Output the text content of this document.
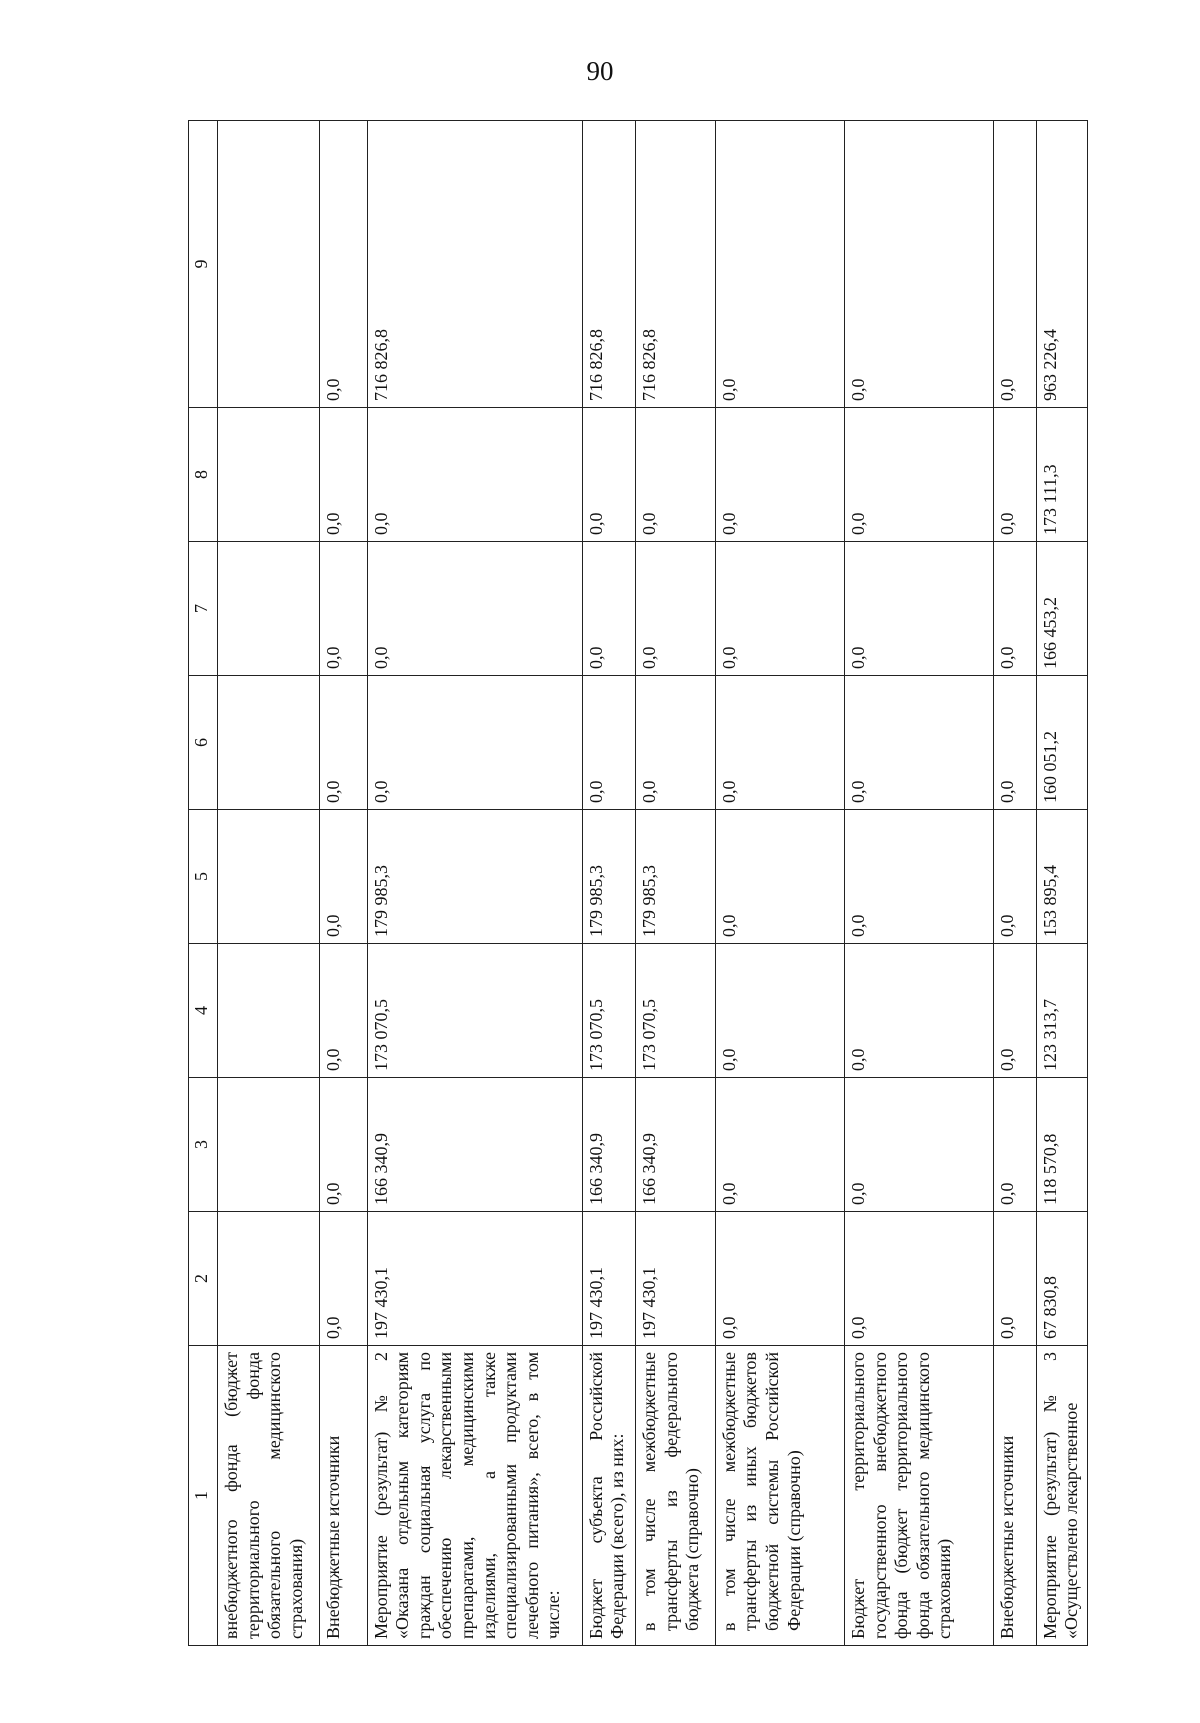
90
1	2	3	4	5	6	7	8	9
внебюджетного фонда (бюджет территориального фонда обязательного медицинского страхования)								
Внебюджетные источники	0,0	0,0	0,0	0,0	0,0	0,0	0,0	0,0
Мероприятие (результат) № 2 «Оказана отдельным категориям граждан социальная услуга по обеспечению лекарственными препаратами, медицинскими изделиями, а также специализированными продуктами лечебного питания», всего, в том числе:	197 430,1	166 340,9	173 070,5	179 985,3	0,0	0,0	0,0	716 826,8
Бюджет субъекта Российской Федерации (всего), из них:	197 430,1	166 340,9	173 070,5	179 985,3	0,0	0,0	0,0	716 826,8
в том числе межбюджетные трансферты из федерального бюджета (справочно)	197 430,1	166 340,9	173 070,5	179 985,3	0,0	0,0	0,0	716 826,8
в том числе межбюджетные трансферты из иных бюджетов бюджетной системы Российской Федерации (справочно)	0,0	0,0	0,0	0,0	0,0	0,0	0,0	0,0
Бюджет территориального государственного внебюджетного фонда (бюджет территориального фонда обязательного медицинского страхования)	0,0	0,0	0,0	0,0	0,0	0,0	0,0	0,0
Внебюджетные источники	0,0	0,0	0,0	0,0	0,0	0,0	0,0	0,0
Мероприятие (результат) № 3 «Осуществлено лекарственное	67 830,8	118 570,8	123 313,7	153 895,4	160 051,2	166 453,2	173 111,3	963 226,4
